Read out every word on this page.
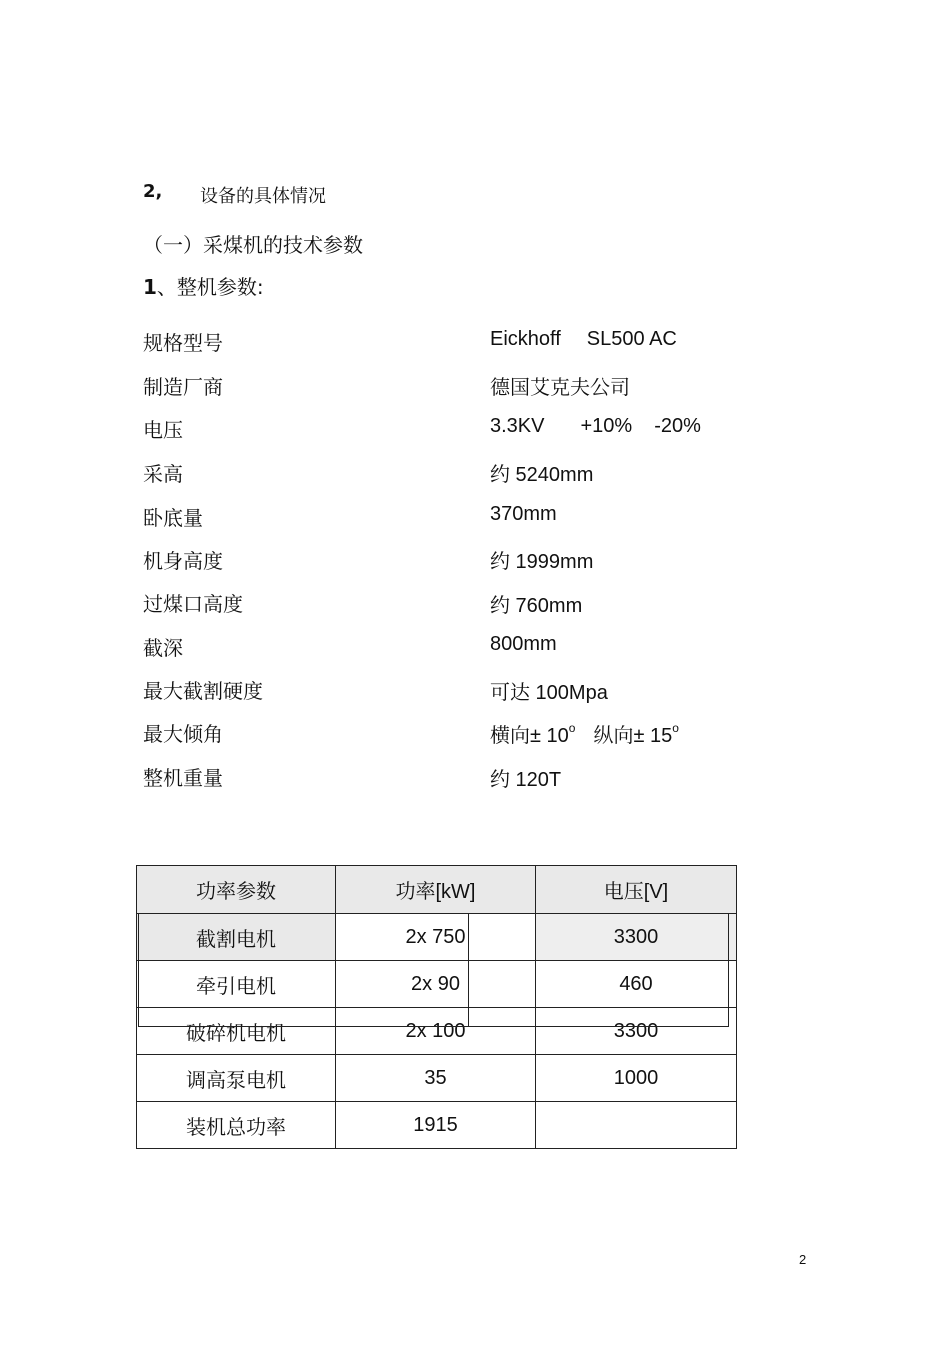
2, 设备的具体情况
（一）采煤机的技术参数
1、整机参数:
规格型号	Eickhoff SL500 AC
制造厂商	德国艾克夫公司
电压	3.3KV +10% -20%
采高	约 5240mm
卧底量	370mm
机身高度	约 1999mm
过煤口高度	约 760mm
截深	800mm
最大截割硬度	可达 100Mpa
最大倾角	横向± $10^o$ 纵向± $15^o$
整机重量	约 120T
功率参数	功率[kW]	电压[V]
截割电机	2x 750	3300
牵引电机	2x 90	460
破碎机电机	2x 100	3300
调高泵电机	35	1000
装机总功率	1915	
2
